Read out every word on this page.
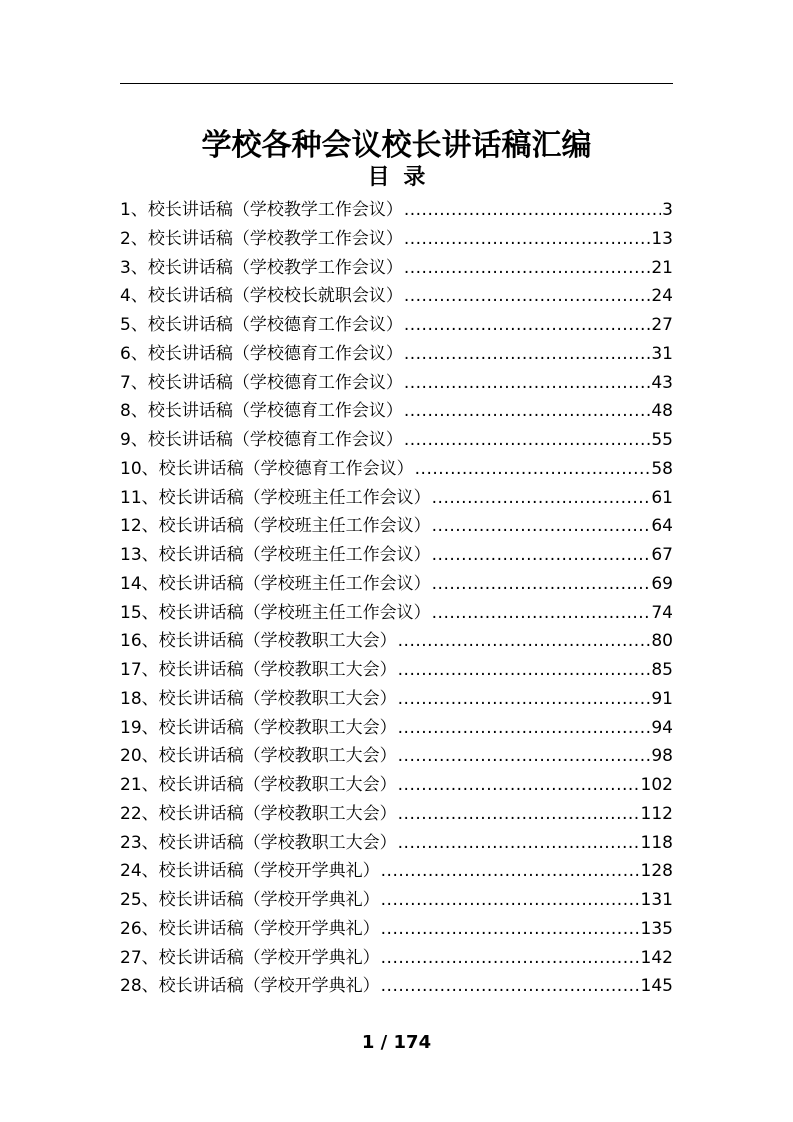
学校各种会议校长讲话稿汇编
目 录
1、校长讲话稿（学校教学工作会议） .....	3
2、校长讲话稿（学校教学工作会议） .....	13
3、校长讲话稿（学校教学工作会议） .....	21
4、校长讲话稿（学校校长就职会议） .....	24
5、校长讲话稿（学校德育工作会议） .....	27
6、校长讲话稿（学校德育工作会议） .....	31
7、校长讲话稿（学校德育工作会议） .....	43
8、校长讲话稿（学校德育工作会议） .....	48
9、校长讲话稿（学校德育工作会议） .....	55
10、校长讲话稿（学校德育工作会议） .....	58
11、校长讲话稿（学校班主任工作会议） .....	61
12、校长讲话稿（学校班主任工作会议） .....	64
13、校长讲话稿（学校班主任工作会议） .....	67
14、校长讲话稿（学校班主任工作会议） .....	69
15、校长讲话稿（学校班主任工作会议） .....	74
16、校长讲话稿（学校教职工大会） .....	80
17、校长讲话稿（学校教职工大会） .....	85
18、校长讲话稿（学校教职工大会） .....	91
19、校长讲话稿（学校教职工大会） .....	94
20、校长讲话稿（学校教职工大会） .....	98
21、校长讲话稿（学校教职工大会） .....	102
22、校长讲话稿（学校教职工大会） .....	112
23、校长讲话稿（学校教职工大会） .....	118
24、校长讲话稿（学校开学典礼） .....	128
25、校长讲话稿（学校开学典礼） .....	131
26、校长讲话稿（学校开学典礼） .....	135
27、校长讲话稿（学校开学典礼） .....	142
28、校长讲话稿（学校开学典礼） .....	145
1 / 174
